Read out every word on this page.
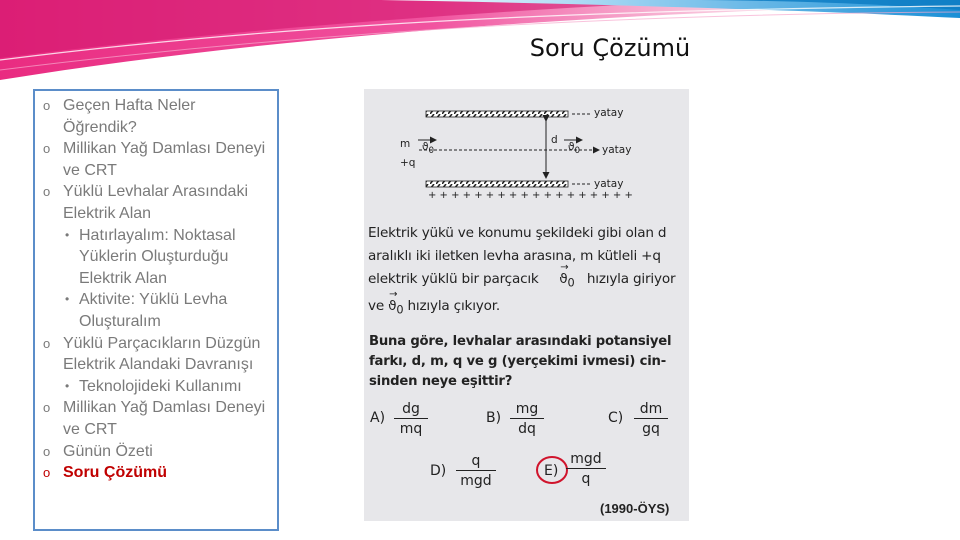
Soru Çözümü
o Geçen Hafta Neler Öğrendik?
o Millikan Yağ Damlası Deneyi ve CRT
o Yüklü Levhalar Arasındaki Elektrik Alan
• Hatırlayalım: Noktasal Yüklerin Oluşturduğu Elektrik Alan
• Aktivite: Yüklü Levha Oluşturalım
o Yüklü Parçacıkların Düzgün Elektrik Alandaki Davranışı
• Teknolojideki Kullanımı
o Millikan Yağ Damlası Deneyi ve CRT
o Günün Özeti
o Soru Çözümü
yatay
yatay
yatay
d
m
+q
$ϑ_0$	$ϑ_0$
+ + + + + + + + + + + + + + + + + +
Elektrik yükü ve konumu şekildeki gibi olan d
aralıklı iki iletken levha arasına, m kütleli +q
elektrik yüklü bir parçacık → $ϑ_0$ hızıyla giriyor
ve → $ϑ_0$ hızıyla çıkıyor.
Buna göre, levhalar arasındaki potansiyel
farkı, d, m, q ve g (yerçekimi ivmesi) cin-
sinden neye eşittir?
$A) \frac{dg}{mq}$	$B) \frac{mg}{dq}$	$C) \frac{dm}{gq}$
D)
q
mgd
E)
mgd
q
(1990-ÖYS)
